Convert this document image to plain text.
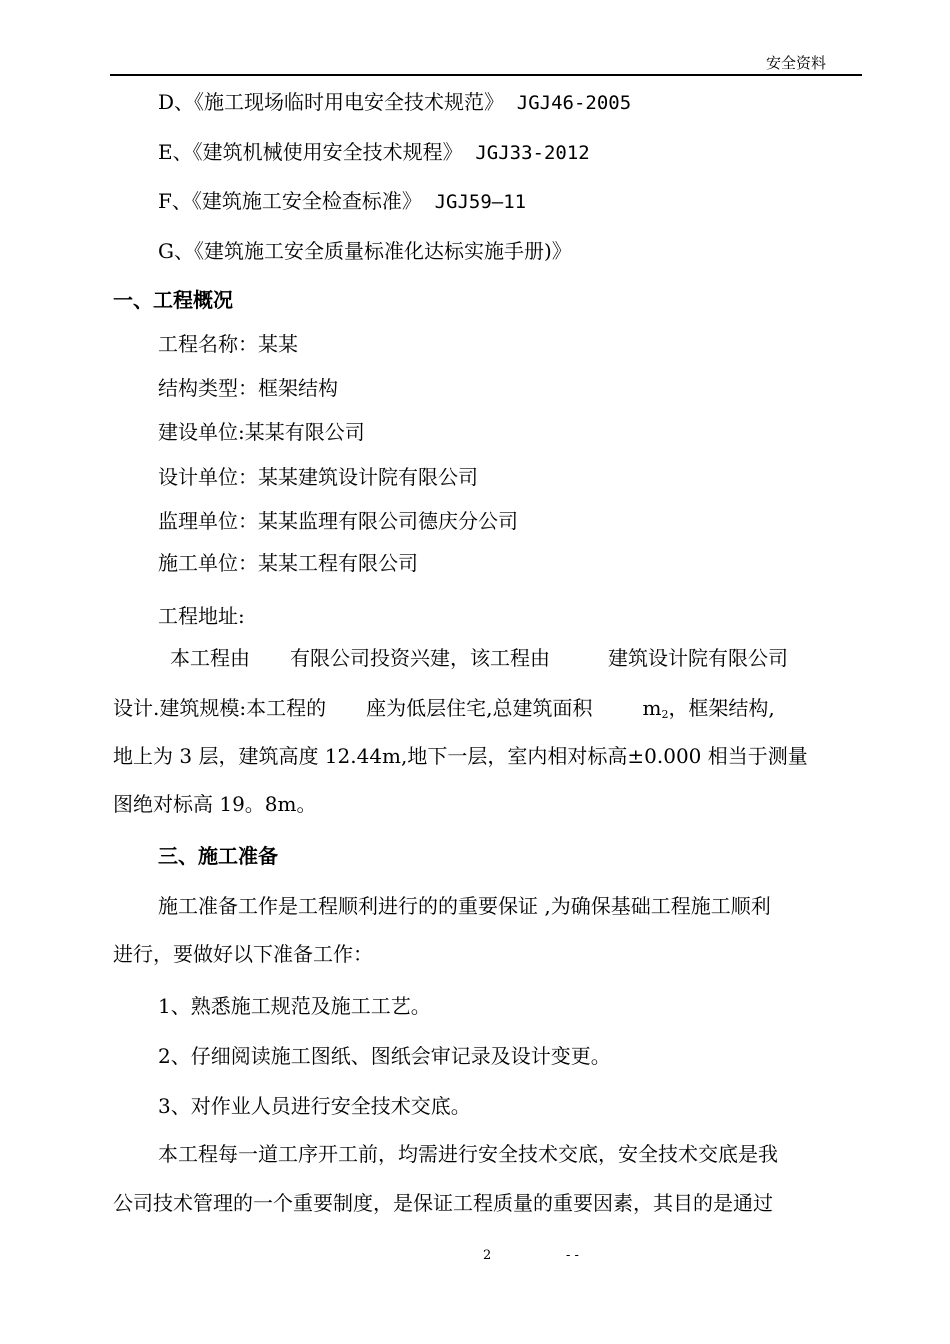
安全资料
D、《施工现场临时用电安全技术规范》 JGJ46-2005
E、《建筑机械使用安全技术规程》 JGJ33-2012
F、《建筑施工安全检查标准》 JGJ59—11
G、《建筑施工安全质量标准化达标实施手册)》
一、工程概况
工程名称：某某
结构类型：框架结构
建设单位:某某有限公司
设计单位：某某建筑设计院有限公司
监理单位：某某监理有限公司德庆分公司
施工单位：某某工程有限公司
工程地址:
本工程由 有限公司投资兴建，该工程由	建筑设计院有限公司
设计.建筑规模:本工程的 座为低层住宅,总建筑面积	$m_2$，框架结构,
地上为 3 层，建筑高度 12.44m,地下一层，室内相对标高±0.000 相当于测量
图绝对标高 19。8m。
三、施工准备
施工准备工作是工程顺利进行的的重要保证 ,为确保基础工程施工顺利
进行，要做好以下准备工作：
1、熟悉施工规范及施工工艺。
2、仔细阅读施工图纸、图纸会审记录及设计变更。
3、对作业人员进行安全技术交底。
本工程每一道工序开工前，均需进行安全技术交底，安全技术交底是我
公司技术管理的一个重要制度，是保证工程质量的重要因素，其目的是通过
2	- -
